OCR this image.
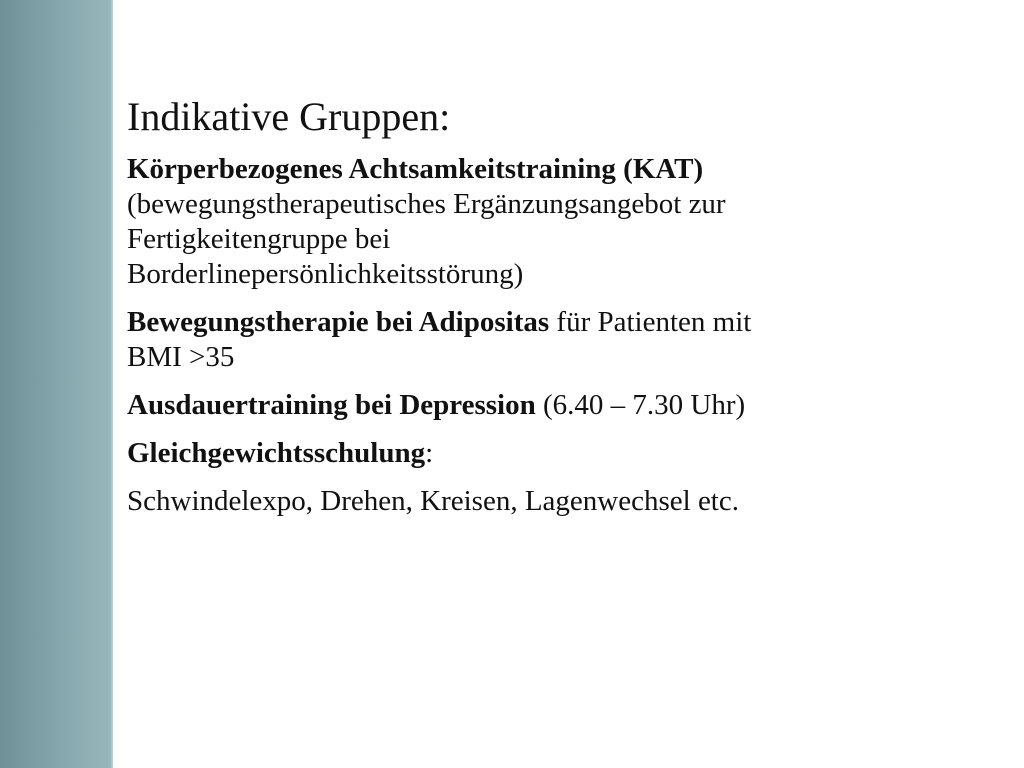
Indikative Gruppen:

Körperbezogenes Achtsamkeitstraining (KAT)
(bewegungstherapeutisches Ergänzungsangebot zur
Fertigkeitengruppe bei
Borderlinepersönlichkeitsstörung)

Bewegungstherapie bei Adipositas für Patienten mit
BMI >35

Ausdauertraining bei Depression (6.40 – 7.30 Uhr)

Gleichgewichtsschulung:

Schwindelexpo, Drehen, Kreisen, Lagenwechsel etc.
